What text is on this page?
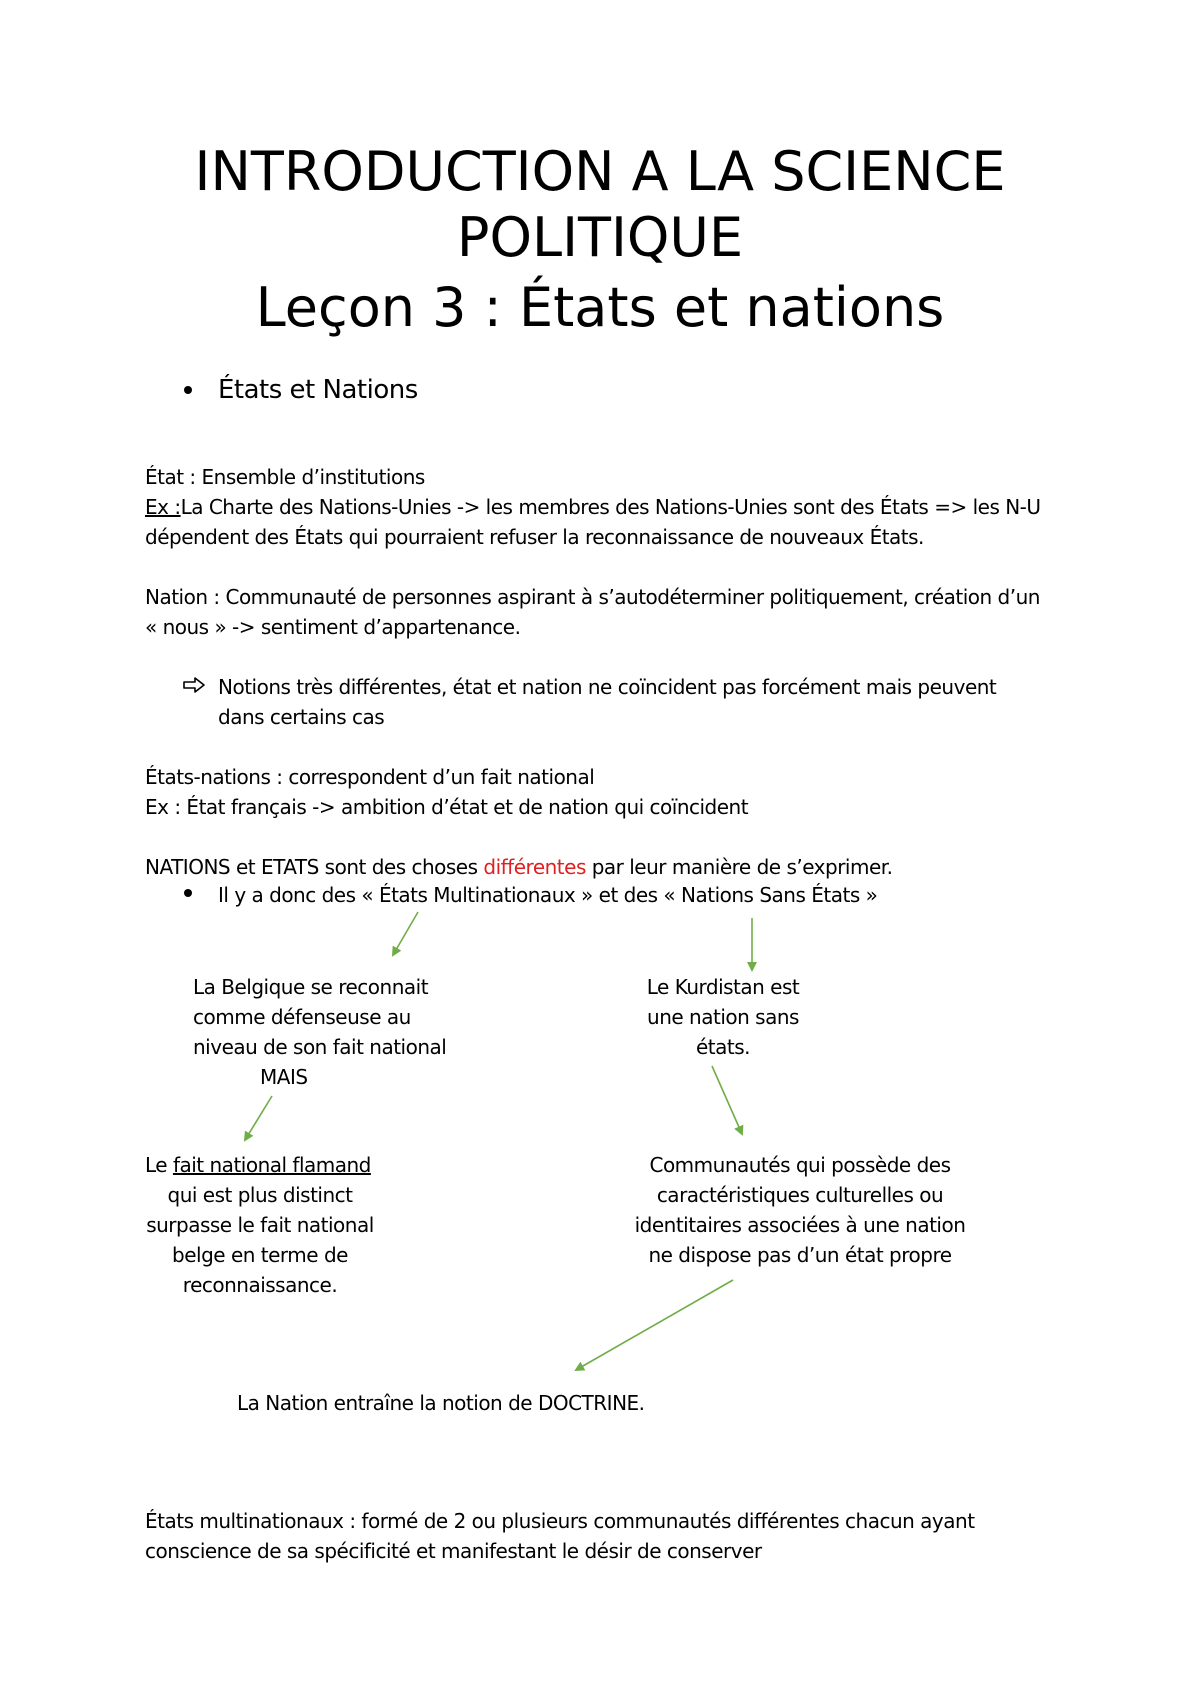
INTRODUCTION A LA SCIENCE
POLITIQUE
Leçon 3 : États et nations
États et Nations
État : Ensemble d’institutions
Ex :La Charte des Nations-Unies -> les membres des Nations-Unies sont des États => les N-U
dépendent des États qui pourraient refuser la reconnaissance de nouveaux États.
Nation : Communauté de personnes aspirant à s’autodéterminer politiquement, création d’un
« nous » -> sentiment d’appartenance.
Notions très différentes, état et nation ne coïncident pas forcément mais peuvent
dans certains cas
États-nations : correspondent d’un fait national
Ex : État français -> ambition d’état et de nation qui coïncident
NATIONS et ETATS sont des choses différentes par leur manière de s’exprimer.
Il y a donc des « États Multinationaux » et des « Nations Sans États »
La Belgique se reconnait
comme défenseuse au
niveau de son fait national
MAIS
Le Kurdistan est
une nation sans
états.
Le fait national flamand
qui est plus distinct
surpasse le fait national
belge en terme de
reconnaissance.
Communautés qui possède des
caractéristiques culturelles ou
identitaires associées à une nation
ne dispose pas d’un état propre
La Nation entraîne la notion de DOCTRINE.
États multinationaux : formé de 2 ou plusieurs communautés différentes chacun ayant
conscience de sa spécificité et manifestant le désir de conserver
